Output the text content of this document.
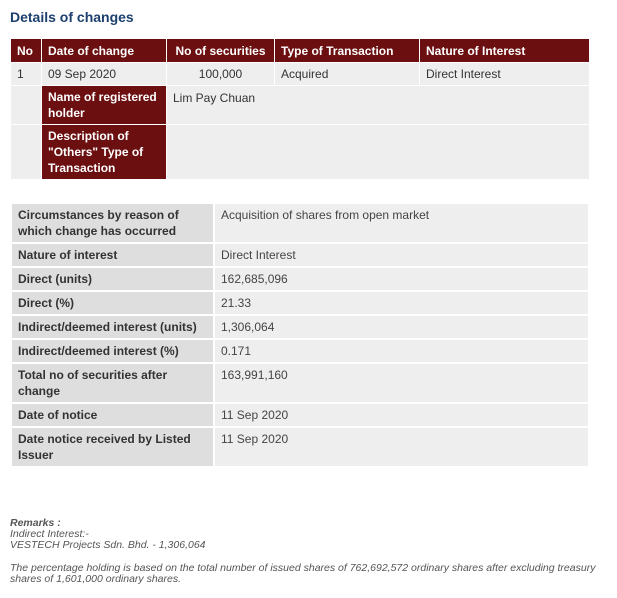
Details of changes
No	Date of change	No of securities	Type of Transaction	Nature of Interest
1	09 Sep 2020	100,000	Acquired	Direct Interest
	Name of registered holder	Lim Pay Chuan		
	Description of "Others" Type of Transaction			
Circumstances by reason of which change has occurred	Acquisition of shares from open market
Nature of interest	Direct Interest
Direct (units)	162,685,096
Direct (%)	21.33
Indirect/deemed interest (units)	1,306,064
Indirect/deemed interest (%)	0.171
Total no of securities after change	163,991,160
Date of notice	11 Sep 2020
Date notice received by Listed Issuer	11 Sep 2020
Remarks :
Indirect Interest:-
VESTECH Projects Sdn. Bhd. - 1,306,064
The percentage holding is based on the total number of issued shares of 762,692,572 ordinary shares after excluding treasury shares of 1,601,000 ordinary shares.
